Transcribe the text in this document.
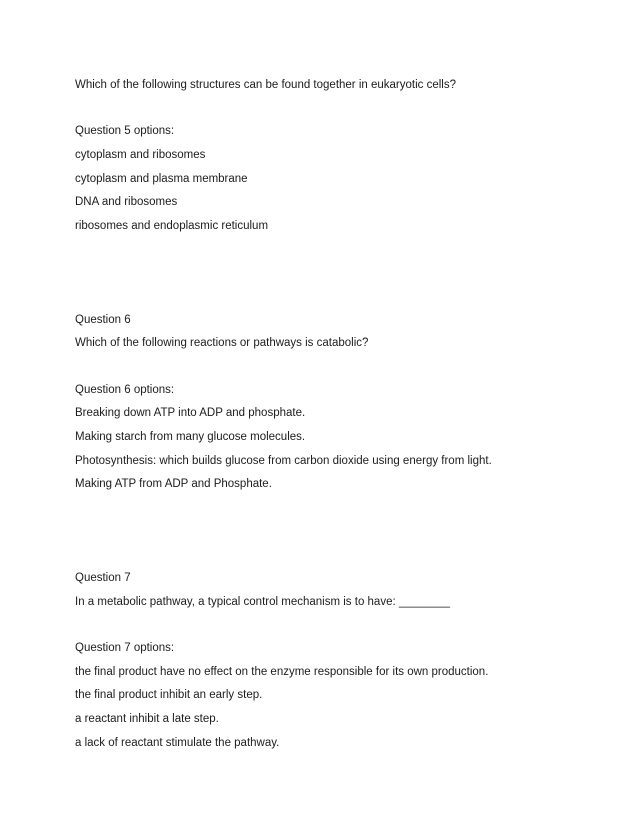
Which of the following structures can be found together in eukaryotic cells?

Question 5 options:

cytoplasm and ribosomes

cytoplasm and plasma membrane

DNA and ribosomes

ribosomes and endoplasmic reticulum

Question 6

Which of the following reactions or pathways is catabolic?

Question 6 options:

Breaking down ATP into ADP and phosphate.

Making starch from many glucose molecules.

Photosynthesis: which builds glucose from carbon dioxide using energy from light.

Making ATP from ADP and Phosphate.

Question 7

In a metabolic pathway, a typical control mechanism is to have: ________

Question 7 options:

the final product have no effect on the enzyme responsible for its own production.

the final product inhibit an early step.

a reactant inhibit a late step.

a lack of reactant stimulate the pathway.
